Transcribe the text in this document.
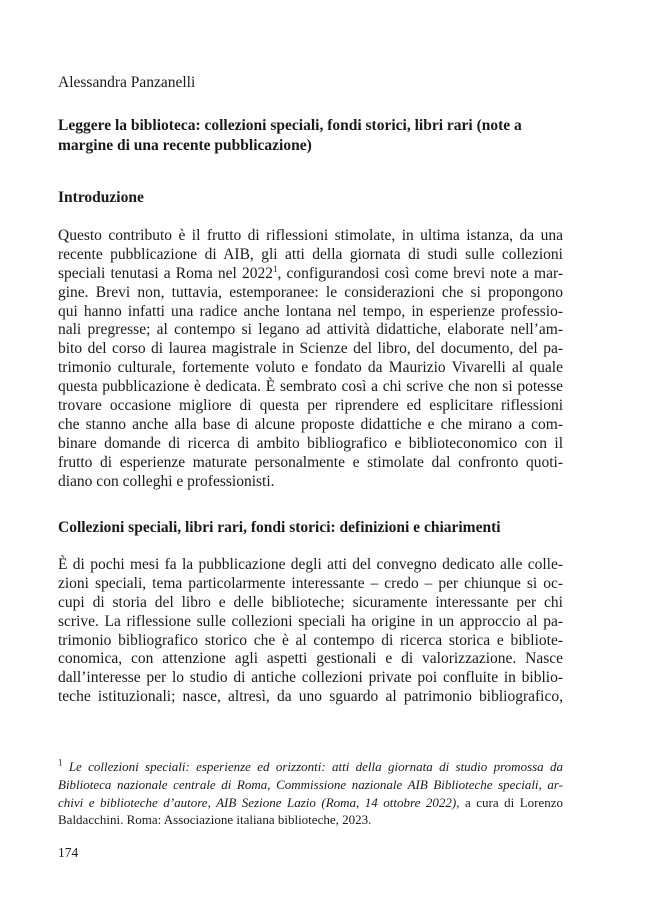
Alessandra Panzanelli

Leggere la biblioteca: collezioni speciali, fondi storici, libri rari (note a margine di una recente pubblicazione)
Introduzione
Questo contributo è il frutto di riflessioni stimolate, in ultima istanza, da una
recente pubblicazione di AIB, gli atti della giornata di studi sulle collezioni
speciali tenutasi a Roma nel 2022$^1$, configurandosi così come brevi note a mar-
gine. Brevi non, tuttavia, estemporanee: le considerazioni che si propongono
qui hanno infatti una radice anche lontana nel tempo, in esperienze professio-
nali pregresse; al contempo si legano ad attività didattiche, elaborate nell’am-
bito del corso di laurea magistrale in Scienze del libro, del documento, del pa-
trimonio culturale, fortemente voluto e fondato da Maurizio Vivarelli al quale
questa pubblicazione è dedicata. È sembrato così a chi scrive che non si potesse
trovare occasione migliore di questa per riprendere ed esplicitare riflessioni
che stanno anche alla base di alcune proposte didattiche e che mirano a com-
binare domande di ricerca di ambito bibliografico e biblioteconomico con il
frutto di esperienze maturate personalmente e stimolate dal confronto quoti-
diano con colleghi e professionisti.
Collezioni speciali, libri rari, fondi storici: definizioni e chiarimenti
È di pochi mesi fa la pubblicazione degli atti del convegno dedicato alle colle-
zioni speciali, tema particolarmente interessante – credo – per chiunque si oc-
cupi di storia del libro e delle biblioteche; sicuramente interessante per chi
scrive. La riflessione sulle collezioni speciali ha origine in un approccio al pa-
trimonio bibliografico storico che è al contempo di ricerca storica e bibliote-
conomica, con attenzione agli aspetti gestionali e di valorizzazione. Nasce
dall’interesse per lo studio di antiche collezioni private poi confluite in biblio-
teche istituzionali; nasce, altresì, da uno sguardo al patrimonio bibliografico,
$^1$ Le collezioni speciali: esperienze ed orizzonti: atti della giornata di studio promossa da
Biblioteca nazionale centrale di Roma, Commissione nazionale AIB Biblioteche speciali, ar-
chivi e biblioteche d’autore, AIB Sezione Lazio (Roma, 14 ottobre 2022), a cura di Lorenzo
Baldacchini. Roma: Associazione italiana biblioteche, 2023.

174
